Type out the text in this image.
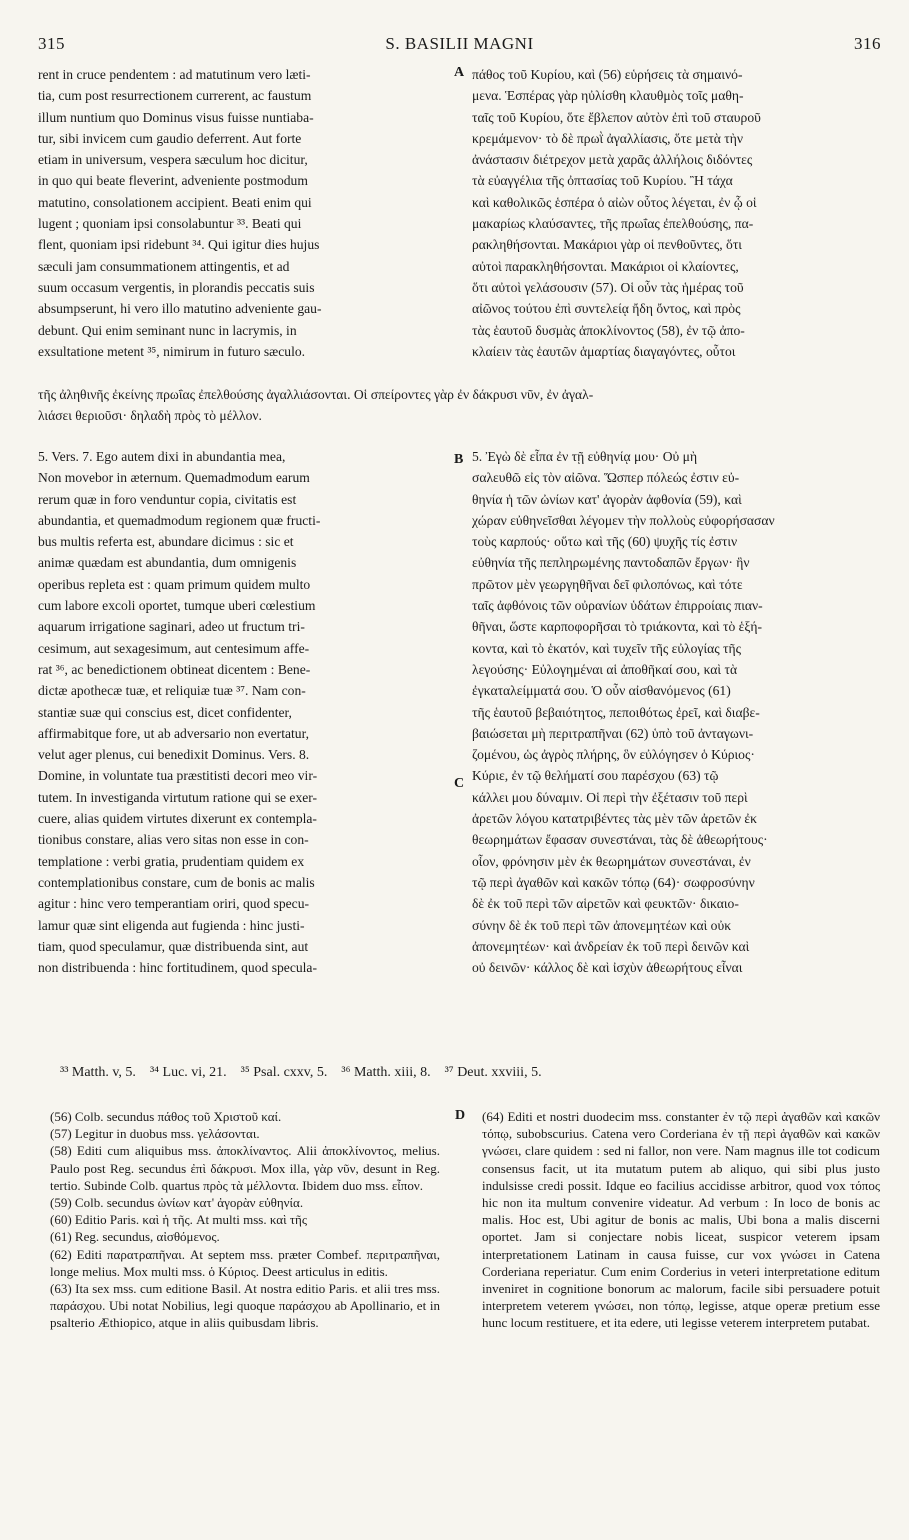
315	S. BASILII MAGNI	316
A
B
C
D

rent in cruce pendentem : ad matutinum vero læti-

tia, cum post resurrectionem currerent, ac faustum

illum nuntium quo Dominus visus fuisse nuntiaba-

tur, sibi invicem cum gaudio deferrent. Aut forte

etiam in universum, vespera sæculum hoc dicitur,

in quo qui beate fleverint, adveniente postmodum

matutino, consolationem accipient. Beati enim qui

lugent ; quoniam ipsi consolabuntur ³³. Beati qui

flent, quoniam ipsi ridebunt ³⁴. Qui igitur dies hujus

sæculi jam consummationem attingentis, et ad

suum occasum vergentis, in plorandis peccatis suis

absumpserunt, hi vero illo matutino adveniente gau-

debunt. Qui enim seminant nunc in lacrymis, in

exsultatione metent ³⁵, nimirum in futuro sæculo.

πάθος τοῦ Κυρίου, καὶ (56) εὑρήσεις τὰ σημαινό-

μενα. Ἑσπέρας γὰρ ηὐλίσθη κλαυθμὸς τοῖς μαθη-

ταῖς τοῦ Κυρίου, ὅτε ἔβλεπον αὐτὸν ἐπὶ τοῦ σταυροῦ

κρεμάμενον· τὸ δὲ πρωῒ ἀγαλλίασις, ὅτε μετὰ τὴν

ἀνάστασιν διέτρεχον μετὰ χαρᾶς ἀλλήλοις διδόντες

τὰ εὐαγγέλια τῆς ὀπτασίας τοῦ Κυρίου. Ἢ τάχα

καὶ καθολικῶς ἑσπέρα ὁ αἰὼν οὗτος λέγεται, ἐν ᾧ οἱ

μακαρίως κλαύσαντες, τῆς πρωΐας ἐπελθούσης, πα-

ρακληθήσονται. Μακάριοι γὰρ οἱ πενθοῦντες, ὅτι

αὐτοὶ παρακληθήσονται. Μακάριοι οἱ κλαίοντες,

ὅτι αὐτοὶ γελάσουσιν (57). Οἱ οὖν τὰς ἡμέρας τοῦ

αἰῶνος τούτου ἐπὶ συντελείᾳ ἤδη ὄντος, καὶ πρὸς

τὰς ἑαυτοῦ δυσμὰς ἀποκλίνοντος (58), ἐν τῷ ἀπο-

κλαίειν τὰς ἑαυτῶν ἁμαρτίας διαγαγόντες, οὗτοι

τῆς ἀληθινῆς ἐκείνης πρωΐας ἐπελθούσης ἀγαλλιάσονται. Οἱ σπείροντες γὰρ ἐν δάκρυσι νῦν, ἐν ἀγαλ-

λιάσει θεριοῦσι· δηλαδὴ πρὸς τὸ μέλλον.

5. Vers. 7. Ego autem dixi in abundantia mea,

Non movebor in æternum. Quemadmodum earum

rerum quæ in foro venduntur copia, civitatis est

abundantia, et quemadmodum regionem quæ fructi-

bus multis referta est, abundare dicimus : sic et

animæ quædam est abundantia, dum omnigenis

operibus repleta est : quam primum quidem multo

cum labore excoli oportet, tumque uberi cœlestium

aquarum irrigatione saginari, adeo ut fructum tri-

cesimum, aut sexagesimum, aut centesimum affe-

rat ³⁶, ac benedictionem obtineat dicentem : Bene-

dictæ apothecæ tuæ, et reliquiæ tuæ ³⁷. Nam con-

stantiæ suæ qui conscius est, dicet confidenter,

affirmabitque fore, ut ab adversario non evertatur,

velut ager plenus, cui benedixit Dominus. Vers. 8.

Domine, in voluntate tua præstitisti decori meo vir-

tutem. In investiganda virtutum ratione qui se exer-

cuere, alias quidem virtutes dixerunt ex contempla-

tionibus constare, alias vero sitas non esse in con-

templatione : verbi gratia, prudentiam quidem ex

contemplationibus constare, cum de bonis ac malis

agitur : hinc vero temperantiam oriri, quod specu-

lamur quæ sint eligenda aut fugienda : hinc justi-

tiam, quod speculamur, quæ distribuenda sint, aut

non distribuenda : hinc fortitudinem, quod specula-

5. Ἐγὼ δὲ εἶπα ἐν τῇ εὐθηνίᾳ μου· Οὐ μὴ

σαλευθῶ εἰς τὸν αἰῶνα. Ὥσπερ πόλεώς ἐστιν εὐ-

θηνία ἡ τῶν ὠνίων κατ' ἀγορὰν ἀφθονία (59), καὶ

χώραν εὐθηνεῖσθαι λέγομεν τὴν πολλοὺς εὐφορήσασαν

τοὺς καρπούς· οὕτω καὶ τῆς (60) ψυχῆς τίς ἐστιν

εὐθηνία τῆς πεπληρωμένης παντοδαπῶν ἔργων· ἣν

πρῶτον μὲν γεωργηθῆναι δεῖ φιλοπόνως, καὶ τότε

ταῖς ἀφθόνοις τῶν οὐρανίων ὑδάτων ἐπιρροίαις πιαν-

θῆναι, ὥστε καρποφορῆσαι τὸ τριάκοντα, καὶ τὸ ἑξή-

κοντα, καὶ τὸ ἑκατόν, καὶ τυχεῖν τῆς εὐλογίας τῆς

λεγούσης· Εὐλογημέναι αἱ ἀποθῆκαί σου, καὶ τὰ

ἐγκαταλείμματά σου. Ὁ οὖν αἰσθανόμενος (61)

τῆς ἑαυτοῦ βεβαιότητος, πεποιθότως ἐρεῖ, καὶ διαβε-

βαιώσεται μὴ περιτραπῆναι (62) ὑπὸ τοῦ ἀνταγωνι-

ζομένου, ὡς ἀγρὸς πλήρης, ὃν εὐλόγησεν ὁ Κύριος·

Κύριε, ἐν τῷ θελήματί σου παρέσχου (63) τῷ

κάλλει μου δύναμιν. Οἱ περὶ τὴν ἐξέτασιν τοῦ περὶ

ἀρετῶν λόγου κατατριβέντες τὰς μὲν τῶν ἀρετῶν ἐκ

θεωρημάτων ἔφασαν συνεστάναι, τὰς δὲ ἀθεωρήτους·

οἷον, φρόνησιν μὲν ἐκ θεωρημάτων συνεστάναι, ἐν

τῷ περὶ ἀγαθῶν καὶ κακῶν τόπῳ (64)· σωφροσύνην

δὲ ἐκ τοῦ περὶ τῶν αἱρετῶν καὶ φευκτῶν· δικαιο-

σύνην δὲ ἐκ τοῦ περὶ τῶν ἀπονεμητέων καὶ οὐκ

ἀπονεμητέων· καὶ ἀνδρείαν ἐκ τοῦ περὶ δεινῶν καὶ

οὐ δεινῶν· κάλλος δὲ καὶ ἰσχὺν ἀθεωρήτους εἶναι

³³ Matth. v, 5. ³⁴ Luc. vi, 21. ³⁵ Psal. cxxv, 5. ³⁶ Matth. xiii, 8. ³⁷ Deut. xxviii, 5.

(56) Colb. secundus πάθος τοῦ Χριστοῦ καί.

(57) Legitur in duobus mss. γελάσονται.

(58) Editi cum aliquibus mss. ἀποκλίναντος. Alii ἀποκλίνοντος, melius. Paulo post Reg. secundus ἐπὶ δάκρυσι. Mox illa, γὰρ νῦν, desunt in Reg. tertio. Subinde Colb. quartus πρὸς τὰ μέλλοντα. Ibidem duo mss. εἶπον.

(59) Colb. secundus ὠνίων κατ' ἀγορὰν εὐθηνία.

(60) Editio Paris. καὶ ἡ τῆς. At multi mss. καὶ τῆς

(61) Reg. secundus, αἰσθόμενος.

(62) Editi παρατραπῆναι. At septem mss. præter Combef. περιτραπῆναι, longe melius. Mox multi mss. ὁ Κύριος. Deest articulus in editis.

(63) Ita sex mss. cum editione Basil. At nostra editio Paris. et alii tres mss. παράσχου. Ubi notat Nobilius, legi quoque παράσχου ab Apollinario, et in psalterio Æthiopico, atque in aliis quibusdam libris.

(64) Editi et nostri duodecim mss. constanter ἐν τῷ περὶ ἀγαθῶν καὶ κακῶν τόπῳ, subobscurius. Catena vero Corderiana ἐν τῇ περὶ ἀγαθῶν καὶ κακῶν γνώσει, clare quidem : sed ni fallor, non vere. Nam magnus ille tot codicum consensus facit, ut ita mutatum putem ab aliquo, qui sibi plus justo indulsisse credi possit. Idque eo facilius accidisse arbitror, quod vox τόπος hic non ita multum convenire videatur. Ad verbum : In loco de bonis ac malis. Hoc est, Ubi agitur de bonis ac malis, Ubi bona a malis discerni oportet. Jam si conjectare nobis liceat, suspicor veterem ipsam interpretationem Latinam in causa fuisse, cur vox γνώσει in Catena Corderiana reperiatur. Cum enim Corderius in veteri interpretatione editum inveniret in cognitione bonorum ac malorum, facile sibi persuadere potuit interpretem veterem γνώσει, non τόπῳ, legisse, atque operæ pretium esse hunc locum restituere, et ita edere, uti legisse veterem interpretem putabat.
